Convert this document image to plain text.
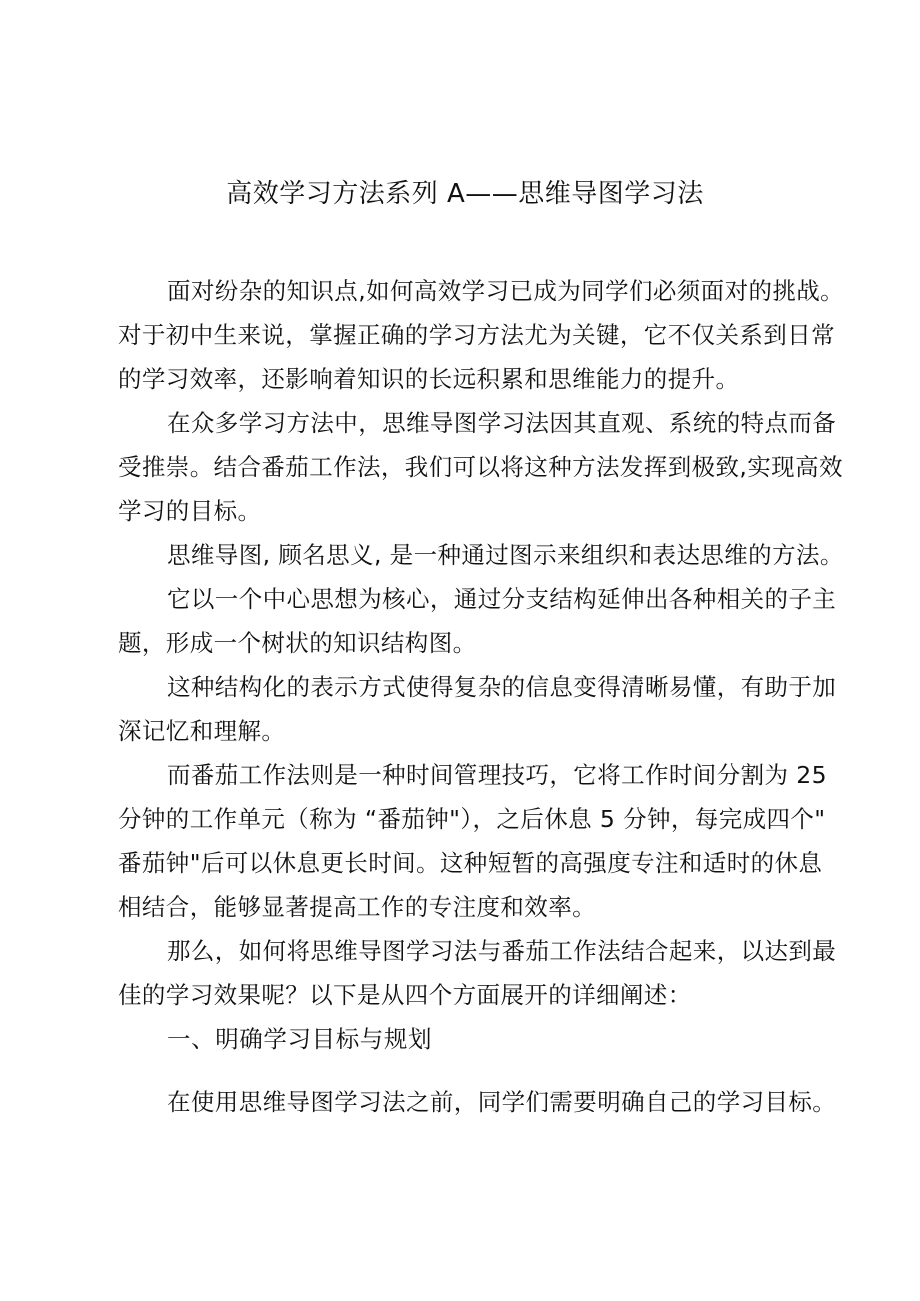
高效学习方法系列 A——思维导图学习法
面对纷杂的知识点,如何高效学习已成为同学们必须面对的挑战。
对于初中生来说，掌握正确的学习方法尤为关键，它不仅关系到日常
的学习效率，还影响着知识的长远积累和思维能力的提升。
在众多学习方法中，思维导图学习法因其直观、系统的特点而备
受推崇。结合番茄工作法，我们可以将这种方法发挥到极致,实现高效
学习的目标。
思维导图, 顾名思义, 是一种通过图示来组织和表达思维的方法。
它以一个中心思想为核心，通过分支结构延伸出各种相关的子主
题，形成一个树状的知识结构图。
这种结构化的表示方式使得复杂的信息变得清晰易懂，有助于加
深记忆和理解。
而番茄工作法则是一种时间管理技巧，它将工作时间分割为 25
分钟的工作单元（称为 “番茄钟"），之后休息 5 分钟，每完成四个"
番茄钟"后可以休息更长时间。这种短暂的高强度专注和适时的休息
相结合，能够显著提高工作的专注度和效率。
那么，如何将思维导图学习法与番茄工作法结合起来，以达到最
佳的学习效果呢？以下是从四个方面展开的详细阐述：
一、明确学习目标与规划
在使用思维导图学习法之前，同学们需要明确自己的学习目标。
